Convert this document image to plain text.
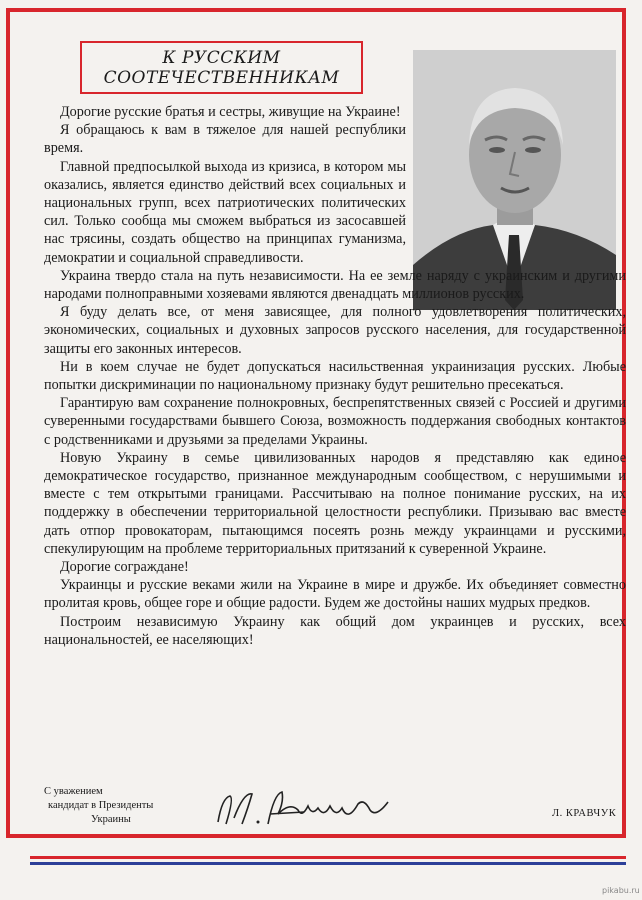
К РУССКИМ
СООТЕЧЕСТВЕННИКАМ

Дорогие русские братья и сестры, живущие на Украине!

Я обращаюсь к вам в тяжелое для нашей республики время.

Главной предпосылкой выхода из кризиса, в котором мы оказались, является единство действий всех социальных и национальных групп, всех патриотических политических сил. Только сообща мы сможем выбраться из засосавшей нас трясины, создать общество на принципах гуманизма, демократии и социальной справедливости.

Украина твердо стала на путь независимости. На ее земле наряду с украинским и другими народами полноправными хозяевами являются двенадцать миллионов русских.

Я буду делать все, от меня зависящее, для полного удовлетворения политических, экономических, социальных и духовных запросов русского населения, для государственной защиты его законных интересов.

Ни в коем случае не будет допускаться насильственная украинизация русских. Любые попытки дискриминации по национальному признаку будут решительно пресекаться.

Гарантирую вам сохранение полнокровных, беспрепятственных связей с Россией и другими суверенными государствами бывшего Союза, возможность поддержания свободных контактов с родственниками и друзьями за пределами Украины.

Новую Украину в семье цивилизованных народов я представляю как единое демократическое государство, признанное международным сообществом, с нерушимыми и вместе с тем открытыми границами. Рассчитываю на полное понимание русских, на их поддержку в обеспечении территориальной целостности республики. Призываю вас вместе дать отпор провокаторам, пытающимся посеять рознь между украинцами и русскими, спекулирующим на проблеме территориальных притязаний к суверенной Украине.

Дорогие сограждане!

Украинцы и русские веками жили на Украине в мире и дружбе. Их объединяет совместно пролитая кровь, общее горе и общие радости. Будем же достойны наших мудрых предков.

Построим независимую Украину как общий дом украинцев и русских, всех национальностей, ее населяющих!

С уважением
кандидат в Президенты
Украины
Л. КРАВЧУК
pikabu.ru
